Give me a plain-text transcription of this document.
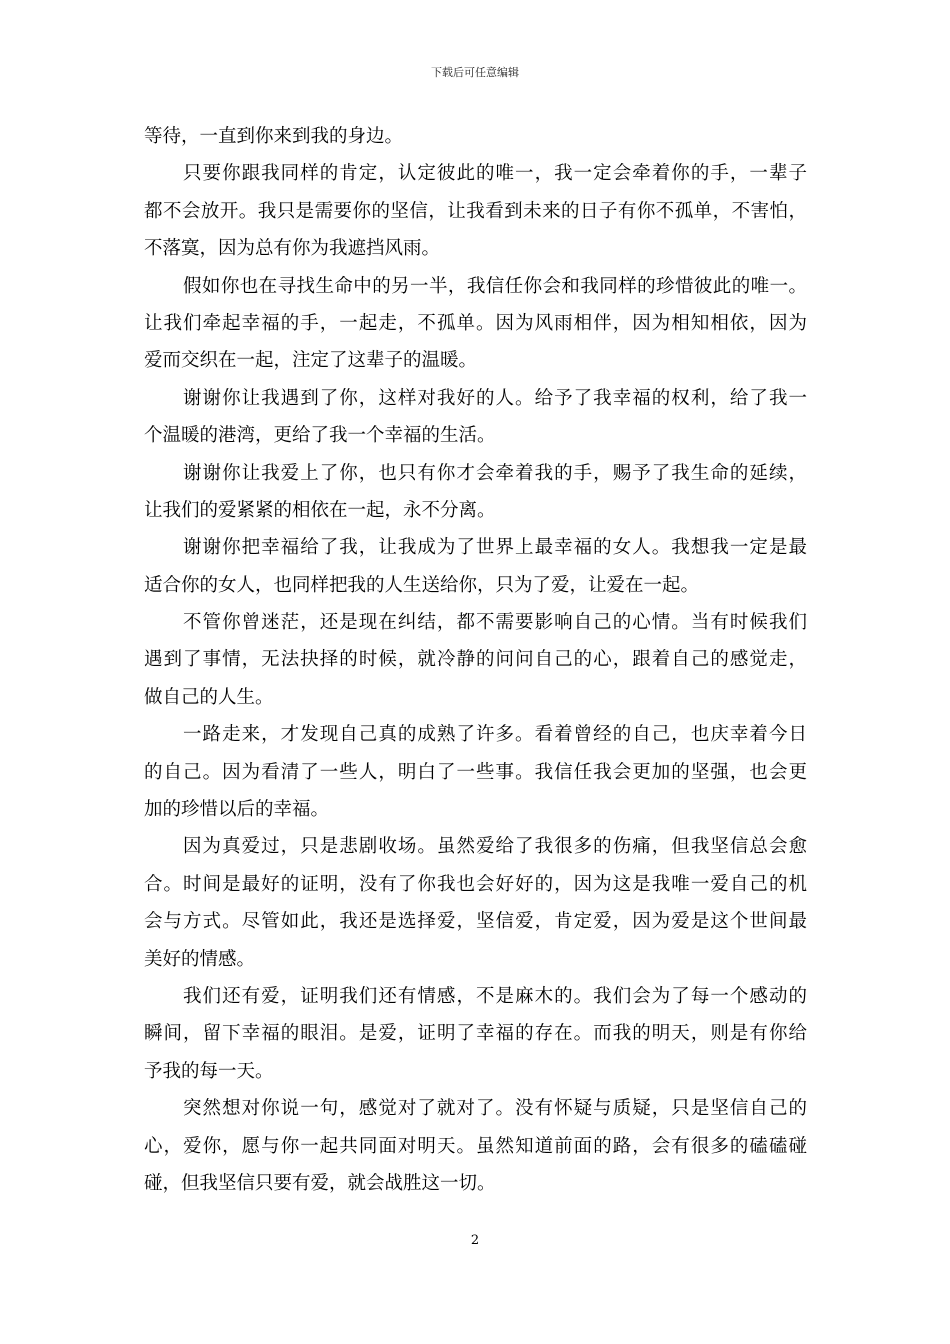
下载后可任意编辑
等待，一直到你来到我的身边。
只要你跟我同样的肯定，认定彼此的唯一，我一定会牵着你的手，一辈子
都不会放开。我只是需要你的坚信，让我看到未来的日子有你不孤单，不害怕，
不落寞，因为总有你为我遮挡风雨。
假如你也在寻找生命中的另一半，我信任你会和我同样的珍惜彼此的唯一。
让我们牵起幸福的手，一起走，不孤单。因为风雨相伴，因为相知相依，因为
爱而交织在一起，注定了这辈子的温暖。
谢谢你让我遇到了你，这样对我好的人。给予了我幸福的权利，给了我一
个温暖的港湾，更给了我一个幸福的生活。
谢谢你让我爱上了你，也只有你才会牵着我的手，赐予了我生命的延续，
让我们的爱紧紧的相依在一起，永不分离。
谢谢你把幸福给了我，让我成为了世界上最幸福的女人。我想我一定是最
适合你的女人，也同样把我的人生送给你，只为了爱，让爱在一起。
不管你曾迷茫，还是现在纠结，都不需要影响自己的心情。当有时候我们
遇到了事情，无法抉择的时候，就冷静的问问自己的心，跟着自己的感觉走，
做自己的人生。
一路走来，才发现自己真的成熟了许多。看着曾经的自己，也庆幸着今日
的自己。因为看清了一些人，明白了一些事。我信任我会更加的坚强，也会更
加的珍惜以后的幸福。
因为真爱过，只是悲剧收场。虽然爱给了我很多的伤痛，但我坚信总会愈
合。时间是最好的证明，没有了你我也会好好的，因为这是我唯一爱自己的机
会与方式。尽管如此，我还是选择爱，坚信爱，肯定爱，因为爱是这个世间最
美好的情感。
我们还有爱，证明我们还有情感，不是麻木的。我们会为了每一个感动的
瞬间，留下幸福的眼泪。是爱，证明了幸福的存在。而我的明天，则是有你给
予我的每一天。
突然想对你说一句，感觉对了就对了。没有怀疑与质疑，只是坚信自己的
心，爱你，愿与你一起共同面对明天。虽然知道前面的路，会有很多的磕磕碰
碰，但我坚信只要有爱，就会战胜这一切。
2
